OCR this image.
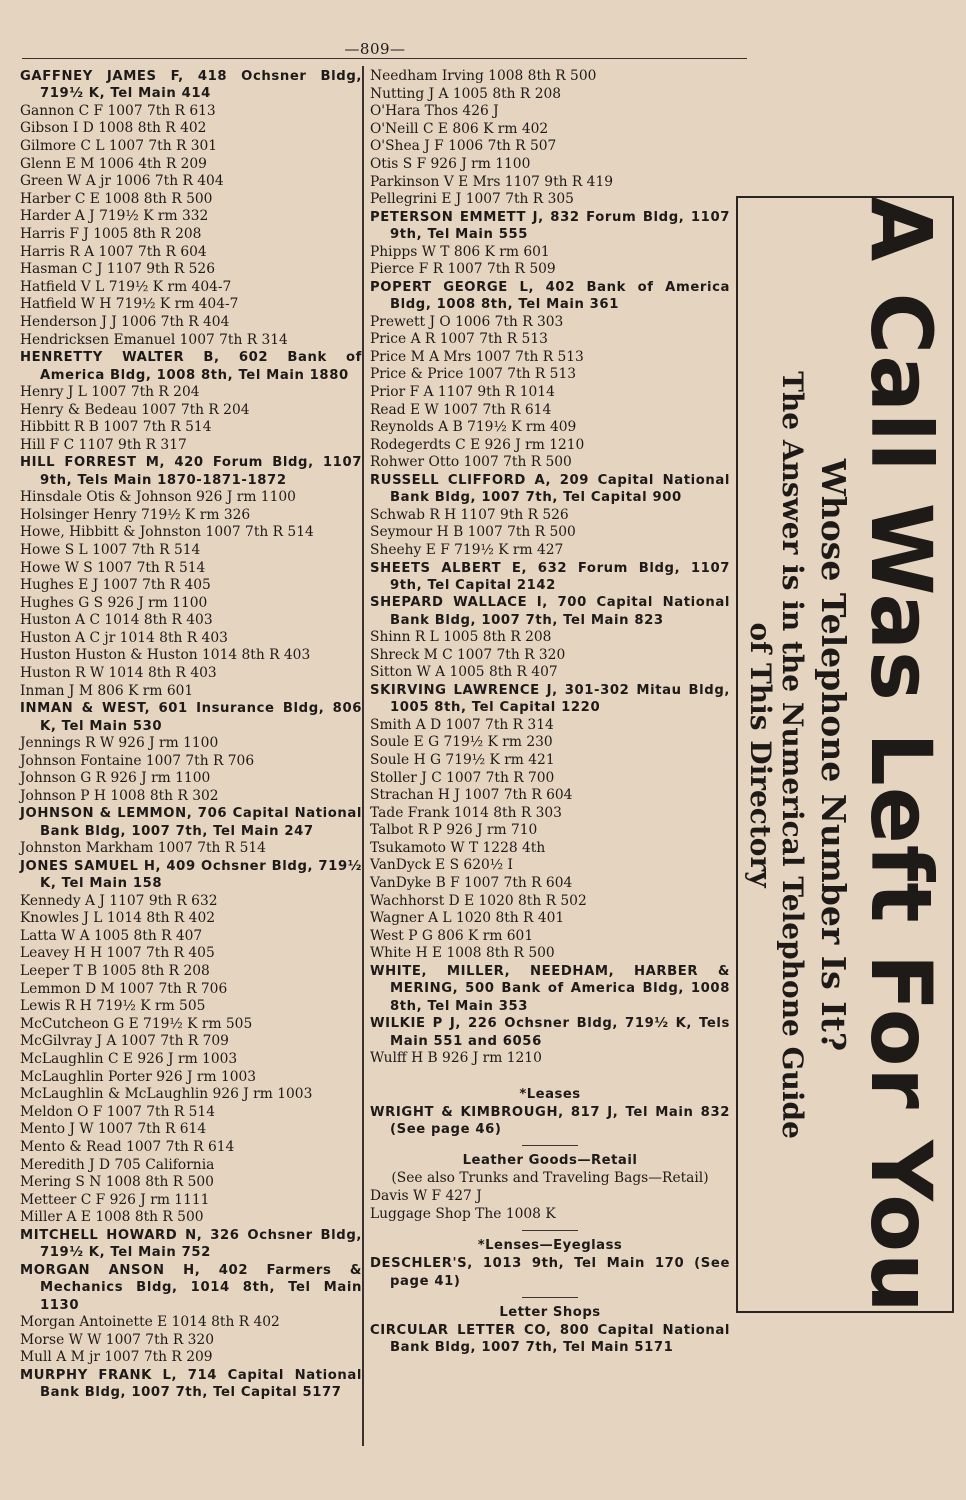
—809—
GAFFNEY JAMES F, 418 Ochsner Bldg, 719½ K, Tel Main 414
Gannon C F 1007 7th R 613
Gibson I D 1008 8th R 402
Gilmore C L 1007 7th R 301
Glenn E M 1006 4th R 209
Green W A jr 1006 7th R 404
Harber C E 1008 8th R 500
Harder A J 719½ K rm 332
Harris F J 1005 8th R 208
Harris R A 1007 7th R 604
Hasman C J 1107 9th R 526
Hatfield V L 719½ K rm 404-7
Hatfield W H 719½ K rm 404-7
Henderson J J 1006 7th R 404
Hendricksen Emanuel 1007 7th R 314
HENRETTY WALTER B, 602 Bank of America Bldg, 1008 8th, Tel Main 1880
Henry J L 1007 7th R 204
Henry & Bedeau 1007 7th R 204
Hibbitt R B 1007 7th R 514
Hill F C 1107 9th R 317
HILL FORREST M, 420 Forum Bldg, 1107 9th, Tels Main 1870-1871-1872
Hinsdale Otis & Johnson 926 J rm 1100
Holsinger Henry 719½ K rm 326
Howe, Hibbitt & Johnston 1007 7th R 514
Howe S L 1007 7th R 514
Howe W S 1007 7th R 514
Hughes E J 1007 7th R 405
Hughes G S 926 J rm 1100
Huston A C 1014 8th R 403
Huston A C jr 1014 8th R 403
Huston Huston & Huston 1014 8th R 403
Huston R W 1014 8th R 403
Inman J M 806 K rm 601
INMAN & WEST, 601 Insurance Bldg, 806 K, Tel Main 530
Jennings R W 926 J rm 1100
Johnson Fontaine 1007 7th R 706
Johnson G R 926 J rm 1100
Johnson P H 1008 8th R 302
JOHNSON & LEMMON, 706 Capital National Bank Bldg, 1007 7th, Tel Main 247
Johnston Markham 1007 7th R 514
JONES SAMUEL H, 409 Ochsner Bldg, 719½ K, Tel Main 158
Kennedy A J 1107 9th R 632
Knowles J L 1014 8th R 402
Latta W A 1005 8th R 407
Leavey H H 1007 7th R 405
Leeper T B 1005 8th R 208
Lemmon D M 1007 7th R 706
Lewis R H 719½ K rm 505
McCutcheon G E 719½ K rm 505
McGilvray J A 1007 7th R 709
McLaughlin C E 926 J rm 1003
McLaughlin Porter 926 J rm 1003
McLaughlin & McLaughlin 926 J rm 1003
Meldon O F 1007 7th R 514
Mento J W 1007 7th R 614
Mento & Read 1007 7th R 614
Meredith J D 705 California
Mering S N 1008 8th R 500
Metteer C F 926 J rm 1111
Miller A E 1008 8th R 500
MITCHELL HOWARD N, 326 Ochsner Bldg, 719½ K, Tel Main 752
MORGAN ANSON H, 402 Farmers & Mechanics Bldg, 1014 8th, Tel Main 1130
Morgan Antoinette E 1014 8th R 402
Morse W W 1007 7th R 320
Mull A M jr 1007 7th R 209
MURPHY FRANK L, 714 Capital National Bank Bldg, 1007 7th, Tel Capital 5177
Needham Irving 1008 8th R 500
Nutting J A 1005 8th R 208
O'Hara Thos 426 J
O'Neill C E 806 K rm 402
O'Shea J F 1006 7th R 507
Otis S F 926 J rm 1100
Parkinson V E Mrs 1107 9th R 419
Pellegrini E J 1007 7th R 305
PETERSON EMMETT J, 832 Forum Bldg, 1107 9th, Tel Main 555
Phipps W T 806 K rm 601
Pierce F R 1007 7th R 509
POPERT GEORGE L, 402 Bank of America Bldg, 1008 8th, Tel Main 361
Prewett J O 1006 7th R 303
Price A R 1007 7th R 513
Price M A Mrs 1007 7th R 513
Price & Price 1007 7th R 513
Prior F A 1107 9th R 1014
Read E W 1007 7th R 614
Reynolds A B 719½ K rm 409
Rodegerdts C E 926 J rm 1210
Rohwer Otto 1007 7th R 500
RUSSELL CLIFFORD A, 209 Capital National Bank Bldg, 1007 7th, Tel Capital 900
Schwab R H 1107 9th R 526
Seymour H B 1007 7th R 500
Sheehy E F 719½ K rm 427
SHEETS ALBERT E, 632 Forum Bldg, 1107 9th, Tel Capital 2142
SHEPARD WALLACE I, 700 Capital National Bank Bldg, 1007 7th, Tel Main 823
Shinn R L 1005 8th R 208
Shreck M C 1007 7th R 320
Sitton W A 1005 8th R 407
SKIRVING LAWRENCE J, 301-302 Mitau Bldg, 1005 8th, Tel Capital 1220
Smith A D 1007 7th R 314
Soule E G 719½ K rm 230
Soule H G 719½ K rm 421
Stoller J C 1007 7th R 700
Strachan H J 1007 7th R 604
Tade Frank 1014 8th R 303
Talbot R P 926 J rm 710
Tsukamoto W T 1228 4th
VanDyck E S 620½ I
VanDyke B F 1007 7th R 604
Wachhorst D E 1020 8th R 502
Wagner A L 1020 8th R 401
West P G 806 K rm 601
White H E 1008 8th R 500
WHITE, MILLER, NEEDHAM, HARBER & MERING, 500 Bank of America Bldg, 1008 8th, Tel Main 353
WILKIE P J, 226 Ochsner Bldg, 719½ K, Tels Main 551 and 6056
Wulff H B 926 J rm 1210
*Leases
WRIGHT & KIMBROUGH, 817 J, Tel Main 832 (See page 46)
Leather Goods—Retail
(See also Trunks and Traveling Bags—Retail)
Davis W F 427 J
Luggage Shop The 1008 K
*Lenses—Eyeglass
DESCHLER'S, 1013 9th, Tel Main 170 (See page 41)
Letter Shops
CIRCULAR LETTER CO, 800 Capital National Bank Bldg, 1007 7th, Tel Main 5171
A Call Was Left For You
Whose Telephone Number Is It?
The Answer is in the Numerical Telephone Guide
of This Directory
